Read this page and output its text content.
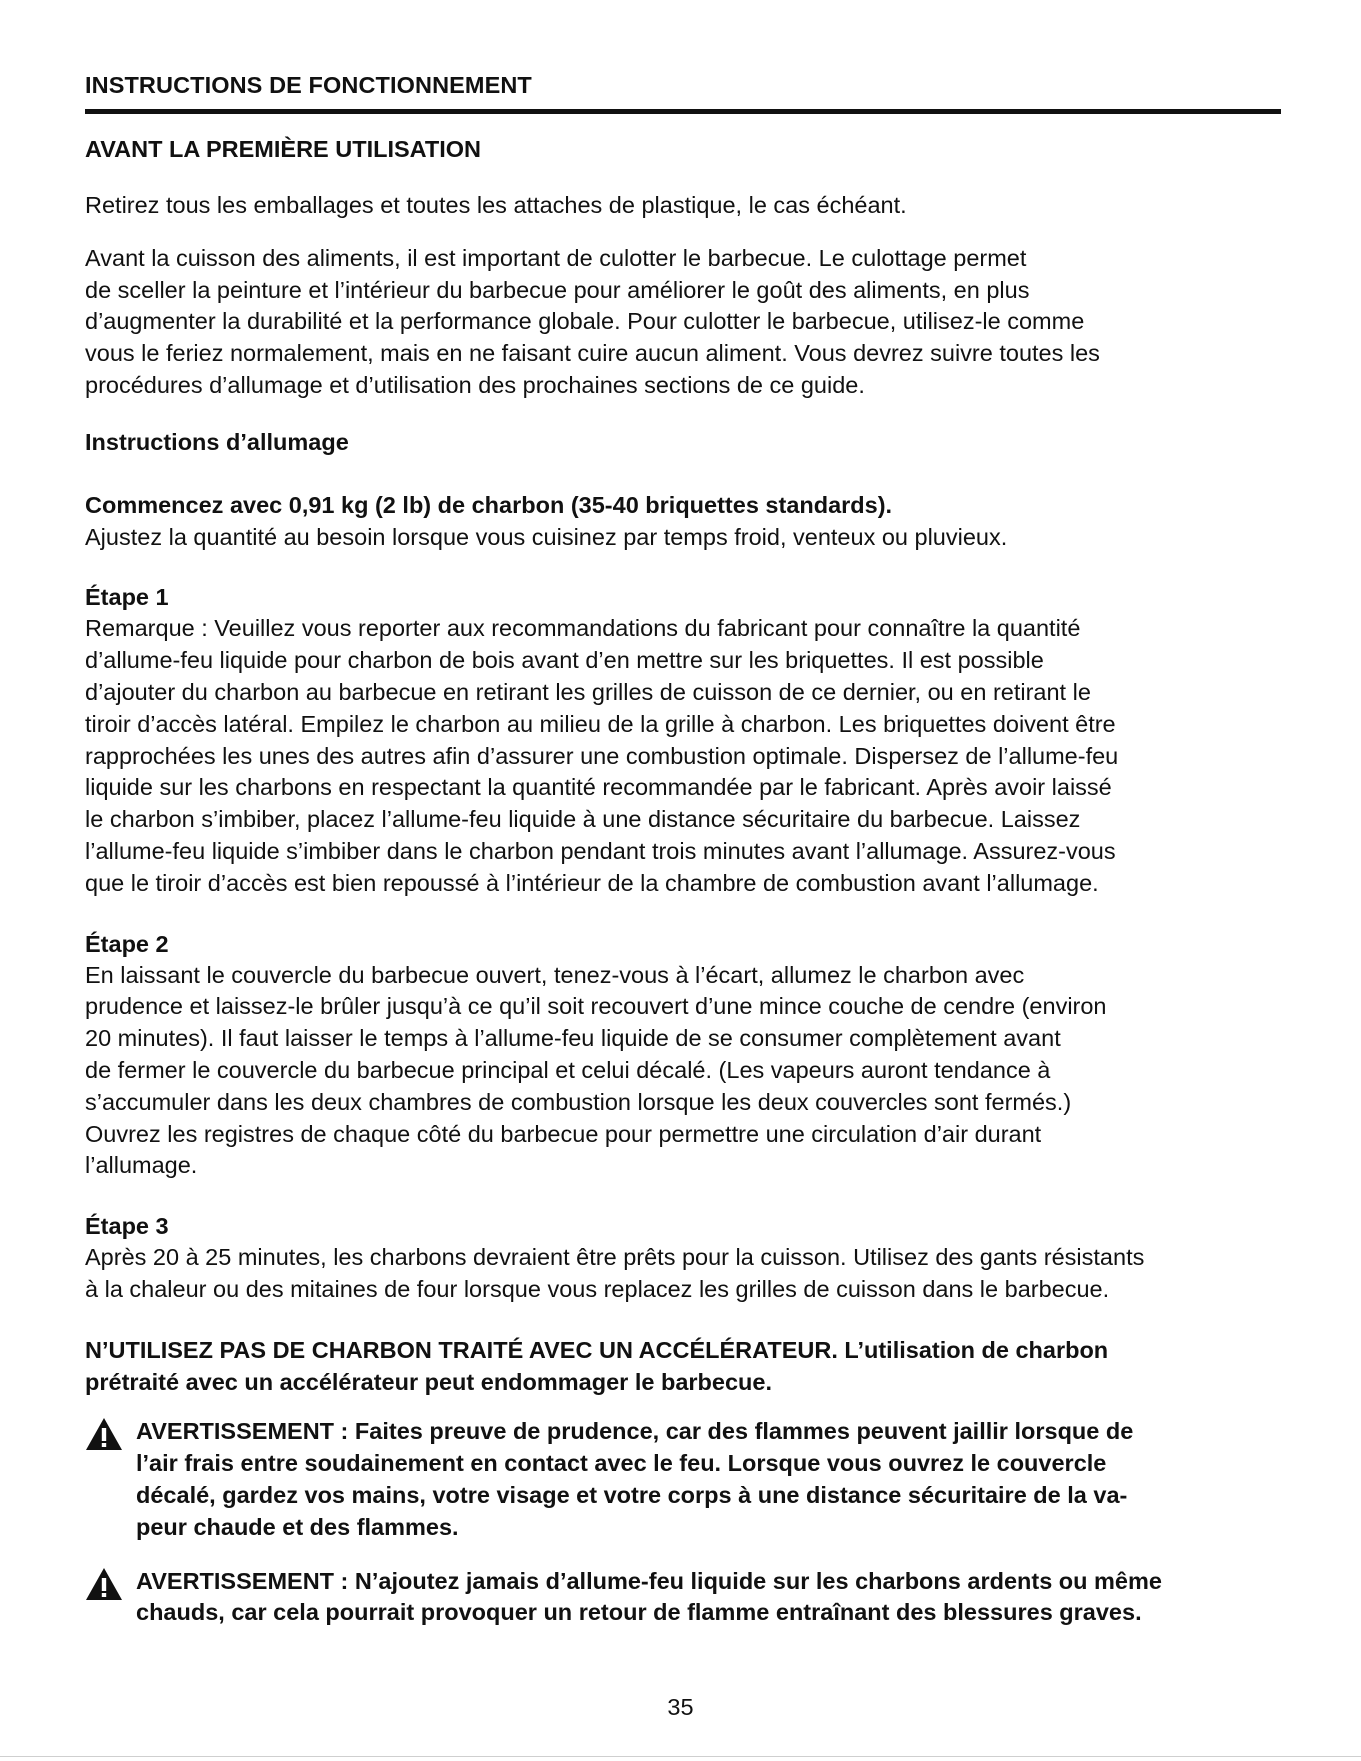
INSTRUCTIONS DE FONCTIONNEMENT
AVANT LA PREMIÈRE UTILISATION

Retirez tous les emballages et toutes les attaches de plastique, le cas échéant.

Avant la cuisson des aliments, il est important de culotter le barbecue. Le culottage permet
de sceller la peinture et l’intérieur du barbecue pour améliorer le goût des aliments, en plus
d’augmenter la durabilité et la performance globale. Pour culotter le barbecue, utilisez-le comme
vous le feriez normalement, mais en ne faisant cuire aucun aliment. Vous devrez suivre toutes les
procédures d’allumage et d’utilisation des prochaines sections de ce guide.

Instructions d’allumage

Commencez avec 0,91 kg (2 lb) de charbon (35-40 briquettes standards).

Ajustez la quantité au besoin lorsque vous cuisinez par temps froid, venteux ou pluvieux.

Étape 1

Remarque : Veuillez vous reporter aux recommandations du fabricant pour connaître la quantité
d’allume-feu liquide pour charbon de bois avant d’en mettre sur les briquettes. Il est possible
d’ajouter du charbon au barbecue en retirant les grilles de cuisson de ce dernier, ou en retirant le
tiroir d’accès latéral. Empilez le charbon au milieu de la grille à charbon. Les briquettes doivent être
rapprochées les unes des autres afin d’assurer une combustion optimale. Dispersez de l’allume-feu
liquide sur les charbons en respectant la quantité recommandée par le fabricant. Après avoir laissé
le charbon s’imbiber, placez l’allume-feu liquide à une distance sécuritaire du barbecue. Laissez
l’allume-feu liquide s’imbiber dans le charbon pendant trois minutes avant l’allumage. Assurez-vous
que le tiroir d’accès est bien repoussé à l’intérieur de la chambre de combustion avant l’allumage.

Étape 2

En laissant le couvercle du barbecue ouvert, tenez-vous à l’écart, allumez le charbon avec
prudence et laissez-le brûler jusqu’à ce qu’il soit recouvert d’une mince couche de cendre (environ
20 minutes). Il faut laisser le temps à l’allume-feu liquide de se consumer complètement avant
de fermer le couvercle du barbecue principal et celui décalé. (Les vapeurs auront tendance à
s’accumuler dans les deux chambres de combustion lorsque les deux couvercles sont fermés.)
Ouvrez les registres de chaque côté du barbecue pour permettre une circulation d’air durant
l’allumage.

Étape 3

Après 20 à 25 minutes, les charbons devraient être prêts pour la cuisson. Utilisez des gants résistants
à la chaleur ou des mitaines de four lorsque vous replacez les grilles de cuisson dans le barbecue.

N’UTILISEZ PAS DE CHARBON TRAITÉ AVEC UN ACCÉLÉRATEUR. L’utilisation de charbon
prétraité avec un accélérateur peut endommager le barbecue.

AVERTISSEMENT : Faites preuve de prudence, car des flammes peuvent jaillir lorsque de
l’air frais entre soudainement en contact avec le feu. Lorsque vous ouvrez le couvercle
décalé, gardez vos mains, votre visage et votre corps à une distance sécuritaire de la va-
peur chaude et des flammes.
AVERTISSEMENT : N’ajoutez jamais d’allume-feu liquide sur les charbons ardents ou même
chauds, car cela pourrait provoquer un retour de flamme entraînant des blessures graves.
35
